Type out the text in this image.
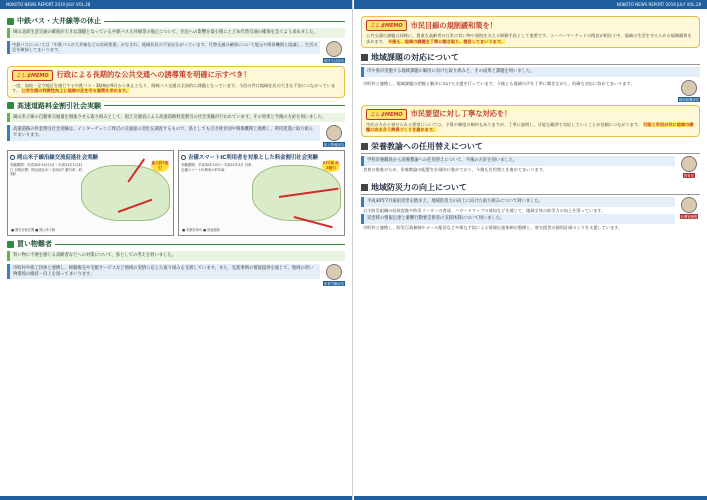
NOKOTO NEWS REPORT 2019 JULY VOL.28
中鉄バス・大井線等の休止
岡山北部生活交通の確保が大きな課題となっている中鉄バス大井線等の廃止について、住民への影響を最小限にとどめ代替交通の確保を急ぐよう求めました。
中鉄バスについては「中鉄バスの大井線などの存続要望」がなされ、地域住民の不安が広がっています。代替交通の確保について地元や関係機関と協議し、生活の足を確保してまいります。
県民生活部長
こしまMEMO	行政による長期的な公共交通への誘導策を明確に示すべき！
一度、高校・足守地区を運行する中鉄バス・3路線が9月から休止となり、路線バス交通は全国的に課題となっています。今回の件は地域住民の大きな不安につながっています。 公共交通の利便性向上と地域の足を守る施策を求めます。
高速道路料金割引社会実験
岡山米子線の自動車交通量を増加させる取り組みとして、国土交通省による高速道路料金割引の社会実験が行われています。その効果と今後の方針を伺いました。
高速道路の料金割引社会実験は、インターチェンジ周辺の交通量の変化を調査するもので、県としても引き続き国や関係機関と連携し、利用促進に取り組んでまいります。
県土整備部長
岡山米子線沿線交流促進社会実験
実験期間：平成30年10月1日～平成31年1月31日 対象区間：岡山総社IC～北房JCT 割引率：約3割
最大約7割引
■ 割引対象区間 ■ 岡山米子線
吉備スマートIC利用者を対象とした料金割引社会実験
実験期間：平成30年10月～平成31年3月 対象：吉備スマートIC利用のETC車
ETC車 約3割引
■ 実験対象IC ■ 高速道路
買い物難者
買い物に不便を感じる高齢者などへの対策について、県としての考えを伺いました。
市町村や商工団体と連携し、移動販売や宅配サービスなど地域の実情に応じた取り組みを支援しています。また、先進事例の情報提供を通じて、地域の買い物環境の維持・向上を図ってまいります。
産業労働部長
NOKOTO NEWS REPORT 2019 JULY VOL.28
こしまMEMO	市民目線の規制緩和策を！
公共交通の課題は同様に、貴重な高齢者の日常の買い物や通院を支える移動手段として重要です。スーパーマーケットの閉店が相次ぐ中、地域の生活を守るための規制緩和を求めます。 今後も、地域の課題を丁寧に聞き取り、提言してまいります。
地域課題の対応について
市や県が実施する地域課題の解決に向けた取り組みと、その成果と課題を伺いました。
市町村と連携し、地域課題の把握と解決に向けた支援を行っています。今後とも地域の声を丁寧に聞きながら、的確な対応に努めてまいります。
地域振興部長
こしまMEMO	市民要望に対し丁寧な対応を！
市民の方から寄せられる要望については、予算や制度の制約もありますが、丁寧に説明し、可能な範囲で対応していくことが信頼につながります。 行政と市民が共に地域の課題に向き合う関係づくりを進めます。
栄養教諭への任用替えについて
学校栄養職員から栄養教諭への任用替えについて、今後の方針を伺いました。
食育の推進のため、栄養教諭の配置を計画的に進めており、今後も任用替えを進めてまいります。
教育長
地域防災力の向上について
平成30年7月豪雨災害を踏まえ、地域防災力の向上に向けた取り組みについて伺いました。
自主防災組織の結成促進や防災リーダーの育成、ハザードマップの周知などを通じて、地域全体の防災力の向上を図っています。
災害時の情報伝達と避難行動要支援者の支援体制について伺いました。
市町村と連携し、防災行政無線やメール配信など多様な手段による情報伝達体制の整備と、要支援者の個別計画づくりを支援しています。
危機管理監
